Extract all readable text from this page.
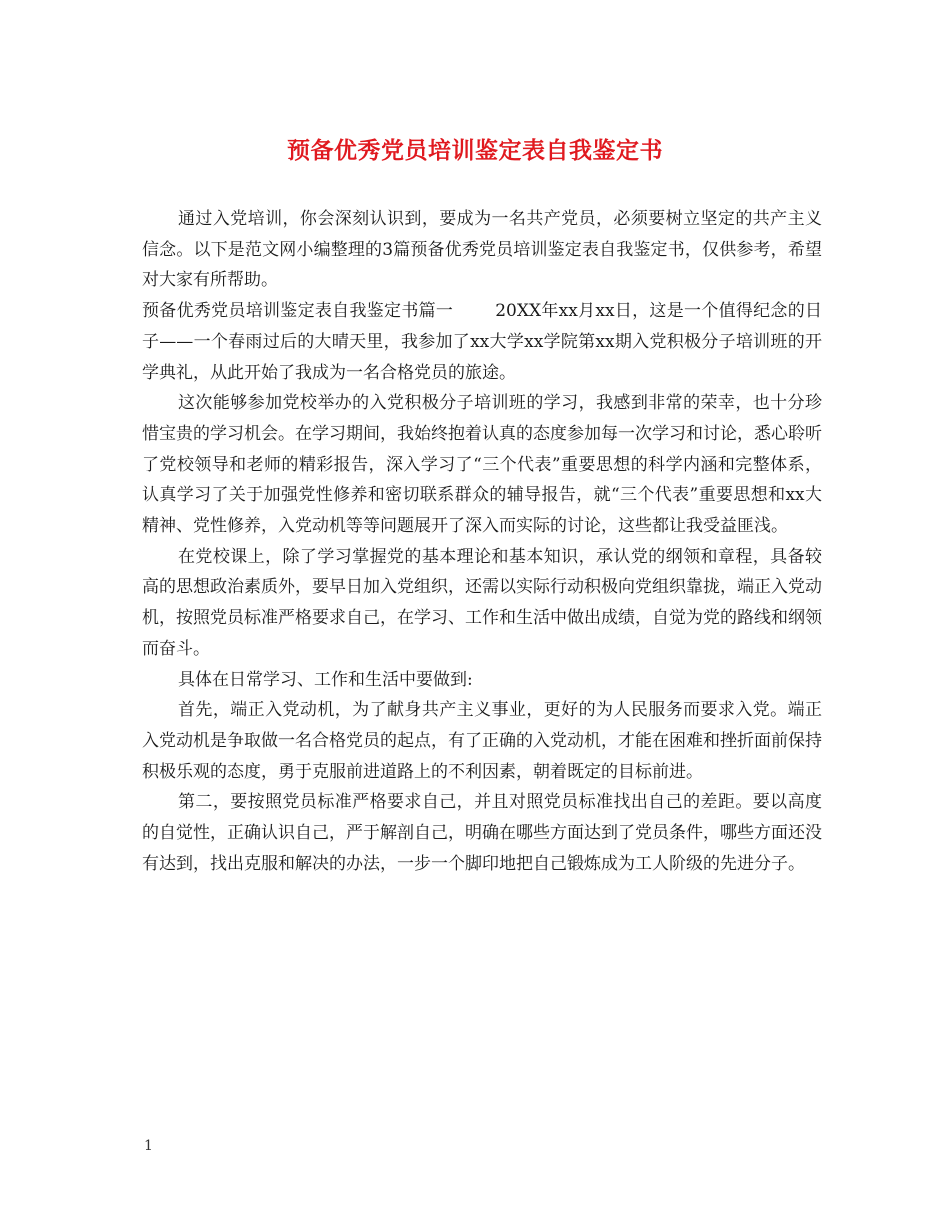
预备优秀党员培训鉴定表自我鉴定书

通过入党培训，你会深刻认识到，要成为一名共产党员，必须要树立坚定的共产主义信念。以下是范文网小编整理的3篇预备优秀党员培训鉴定表自我鉴定书，仅供参考，希望对大家有所帮助。

预备优秀党员培训鉴定表自我鉴定书篇一 20XX年xx月xx日，这是一个值得纪念的日子——一个春雨过后的大晴天里，我参加了xx大学xx学院第xx期入党积极分子培训班的开学典礼，从此开始了我成为一名合格党员的旅途。

这次能够参加党校举办的入党积极分子培训班的学习，我感到非常的荣幸，也十分珍惜宝贵的学习机会。在学习期间，我始终抱着认真的态度参加每一次学习和讨论，悉心聆听了党校领导和老师的精彩报告，深入学习了“三个代表”重要思想的科学内涵和完整体系，认真学习了关于加强党性修养和密切联系群众的辅导报告，就“三个代表”重要思想和xx大精神、党性修养，入党动机等等问题展开了深入而实际的讨论，这些都让我受益匪浅。

在党校课上，除了学习掌握党的基本理论和基本知识，承认党的纲领和章程，具备较高的思想政治素质外，要早日加入党组织，还需以实际行动积极向党组织靠拢，端正入党动机，按照党员标准严格要求自己，在学习、工作和生活中做出成绩，自觉为党的路线和纲领而奋斗。

具体在日常学习、工作和生活中要做到:

首先，端正入党动机，为了献身共产主义事业，更好的为人民服务而要求入党。端正入党动机是争取做一名合格党员的起点，有了正确的入党动机，才能在困难和挫折面前保持积极乐观的态度，勇于克服前进道路上的不利因素，朝着既定的目标前进。

第二，要按照党员标准严格要求自己，并且对照党员标准找出自己的差距。要以高度的自觉性，正确认识自己，严于解剖自己，明确在哪些方面达到了党员条件，哪些方面还没有达到，找出克服和解决的办法，一步一个脚印地把自己锻炼成为工人阶级的先进分子。

1
